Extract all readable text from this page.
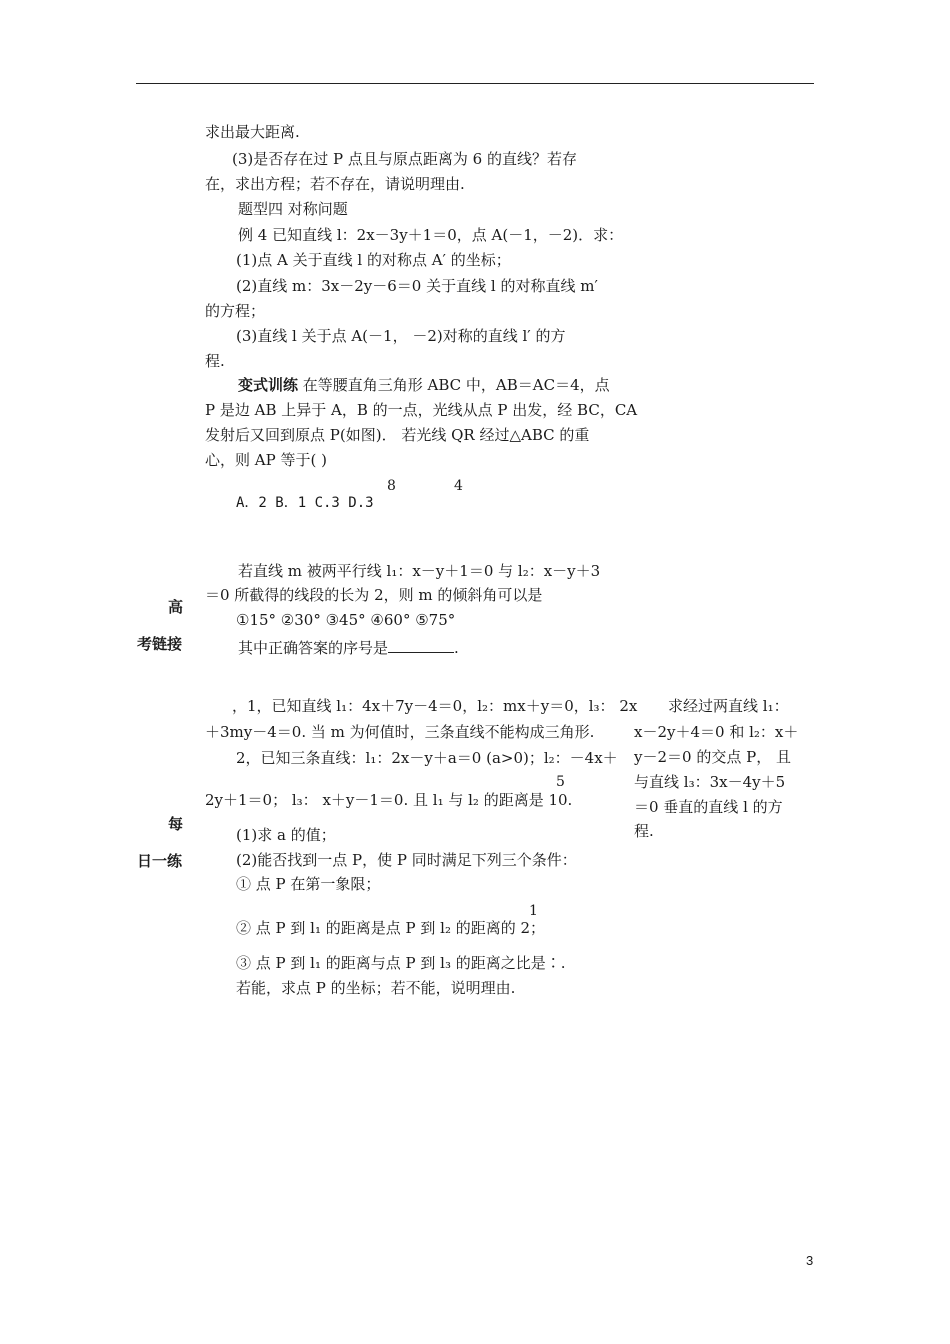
求出最大距离.
(3)是否存在过 P 点且与原点距离为 6 的直线？若存
在，求出方程；若不存在，请说明理由.
题型四 对称问题
例 4 已知直线 l：2x－3y＋1＝0，点 A(－1，－2)．求：
(1)点 A 关于直线 l 的对称点 A′ 的坐标；
(2)直线 m：3x－2y－6＝0 关于直线 l 的对称直线 m′
的方程；
(3)直线 l 关于点 A(－1， －2)对称的直线 l′ 的方
程.
变式训练 在等腰直角三角形 ABC 中，AB＝AC＝4，点
P 是边 AB 上异于 A，B 的一点，光线从点 P 出发，经 BC，CA
发射后又回到原点 P(如图)． 若光线 QR 经过△ABC 的重
心，则 AP 等于( )
8	4
A．2 B．1 C.3 D.3
若直线 m 被两平行线 l₁：x－y＋1＝0 与 l₂：x－y＋3
＝0 所截得的线段的长为 2，则 m 的倾斜角可以是
①15° ②30° ③45° ④60° ⑤75°
其中正确答案的序号是	.
高
考链接
，1，已知直线 l₁：4x＋7y－4＝0，l₂：mx＋y＝0，l₃： 2x
＋3my－4＝0. 当 m 为何值时，三条直线不能构成三角形.
2，已知三条直线：l₁：2x－y＋a＝0 (a>0)；l₂：－4x＋
5
2y＋1＝0； l₃： x＋y－1＝0. 且 l₁ 与 l₂ 的距离是 10.
(1)求 a 的值；
(2)能否找到一点 P，使 P 同时满足下列三个条件：
① 点 P 在第一象限；
1
② 点 P 到 l₁ 的距离是点 P 到 l₂ 的距离的 2；
③ 点 P 到 l₁ 的距离与点 P 到 l₃ 的距离之比是∶.
若能，求点 P 的坐标；若不能，说明理由.
每
日一练
求经过两直线 l₁：
x－2y＋4＝0 和 l₂：x＋
y－2＝0 的交点 P， 且
与直线 l₃：3x－4y＋5
＝0 垂直的直线 l 的方
程.
3
